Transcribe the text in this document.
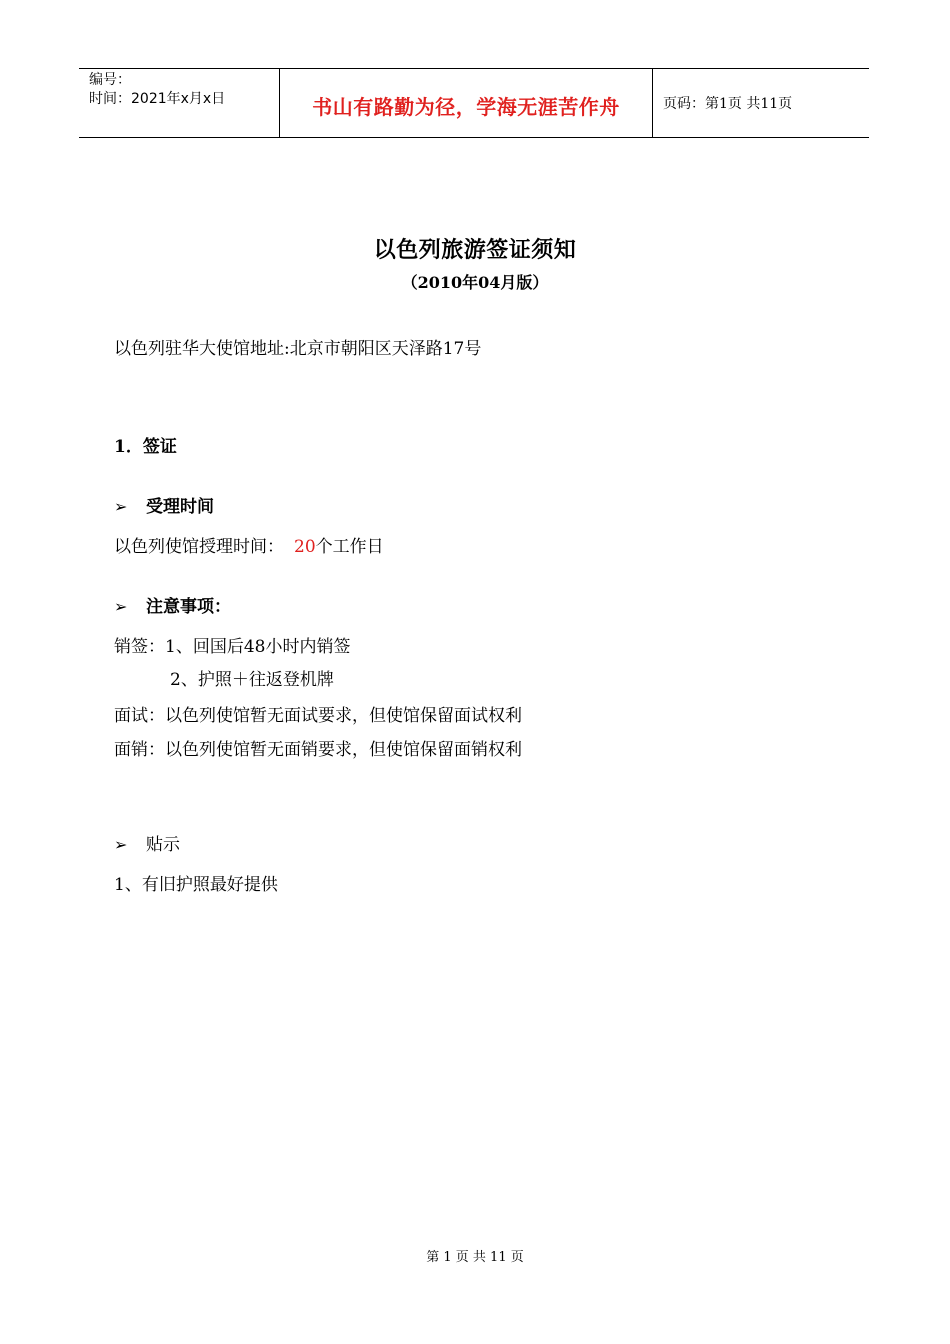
编号：
时间：2021年x月x日	书山有路勤为径，学海无涯苦作舟	页码：第1页 共11页
以色列旅游签证须知
（2010年04月版）
以色列驻华大使馆地址:北京市朝阳区天泽路17号
1．签证
➢ 受理时间
以色列使馆授理时间： 20个工作日
➢ 注意事项：
销签：1、回国后48小时内销签
2、护照＋往返登机牌
面试：以色列使馆暂无面试要求，但使馆保留面试权利
面销：以色列使馆暂无面销要求，但使馆保留面销权利
➢ 贴示
1、有旧护照最好提供
第 1 页 共 11 页
